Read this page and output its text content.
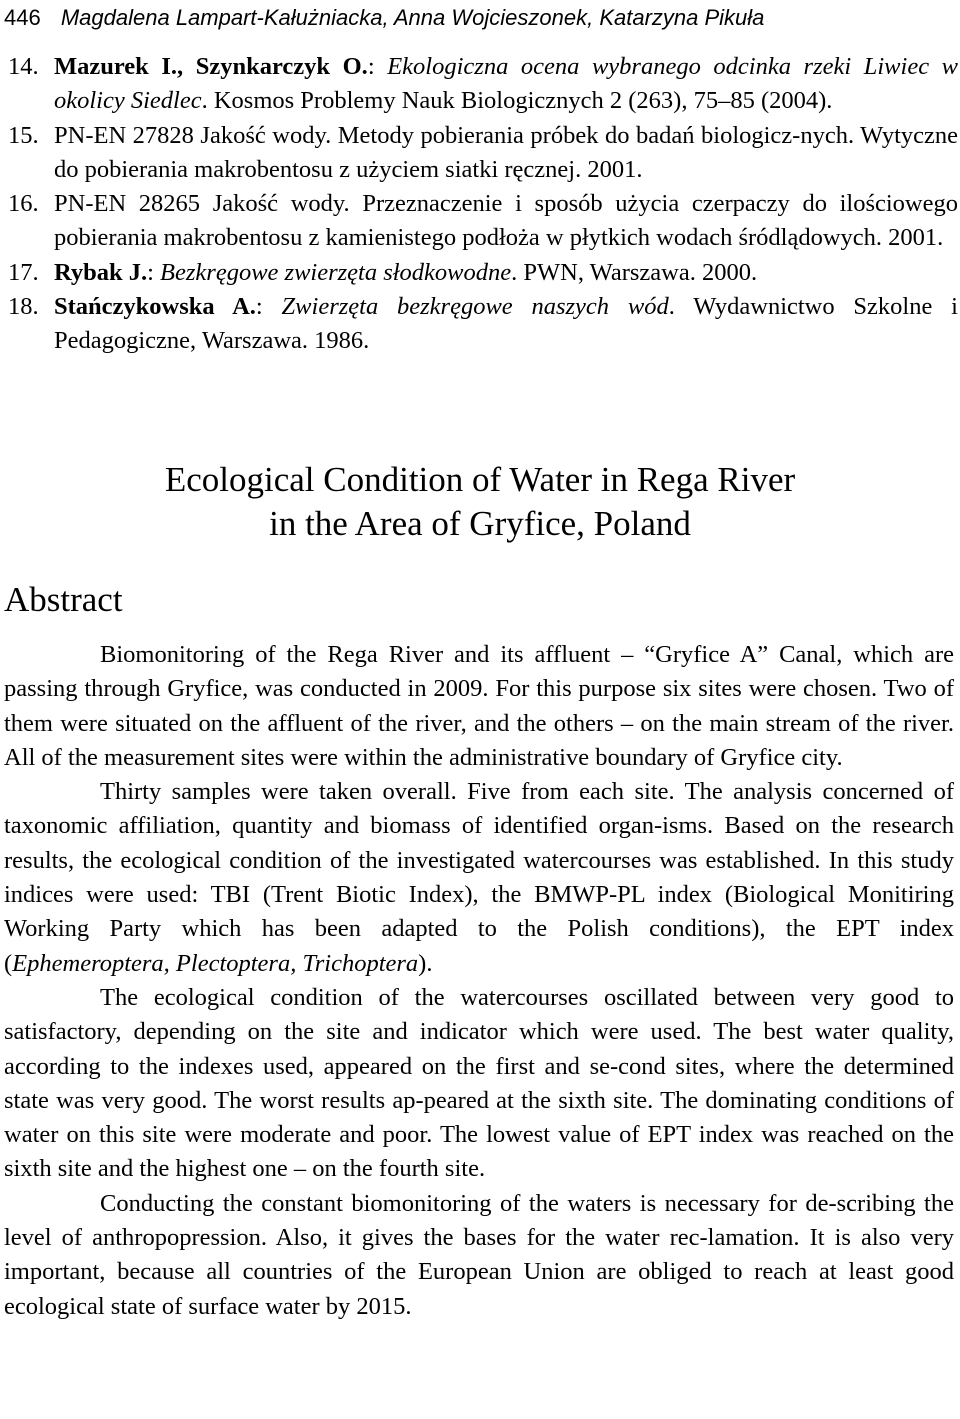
446 Magdalena Lampart-Kałużniacka, Anna Wojcieszonek, Katarzyna Pikuła
14. Mazurek I., Szynkarczyk O.: Ekologiczna ocena wybranego odcinka rzeki Liwiec w okolicy Siedlec. Kosmos Problemy Nauk Biologicznych 2 (263), 75–85 (2004).
15. PN-EN 27828 Jakość wody. Metody pobierania próbek do badań biologicz-nych. Wytyczne do pobierania makrobentosu z użyciem siatki ręcznej. 2001.
16. PN-EN 28265 Jakość wody. Przeznaczenie i sposób użycia czerpaczy do ilościowego pobierania makrobentosu z kamienistego podłoża w płytkich wodach śródlądowych. 2001.
17. Rybak J.: Bezkręgowe zwierzęta słodkowodne. PWN, Warszawa. 2000.
18. Stańczykowska A.: Zwierzęta bezkręgowe naszych wód. Wydawnictwo Szkolne i Pedagogiczne, Warszawa. 1986.
Ecological Condition of Water in Rega River
in the Area of Gryfice, Poland
Abstract

Biomonitoring of the Rega River and its affluent – “Gryfice A” Canal, which are passing through Gryfice, was conducted in 2009. For this purpose six sites were chosen. Two of them were situated on the affluent of the river, and the others – on the main stream of the river. All of the measurement sites were within the administrative boundary of Gryfice city.

Thirty samples were taken overall. Five from each site. The analysis concerned of taxonomic affiliation, quantity and biomass of identified organ-isms. Based on the research results, the ecological condition of the investigated watercourses was established. In this study indices were used: TBI (Trent Biotic Index), the BMWP-PL index (Biological Monitiring Working Party which has been adapted to the Polish conditions), the EPT index (Ephemeroptera, Plectoptera, Trichoptera).

The ecological condition of the watercourses oscillated between very good to satisfactory, depending on the site and indicator which were used. The best water quality, according to the indexes used, appeared on the first and se-cond sites, where the determined state was very good. The worst results ap-peared at the sixth site. The dominating conditions of water on this site were moderate and poor. The lowest value of EPT index was reached on the sixth site and the highest one – on the fourth site.

Conducting the constant biomonitoring of the waters is necessary for de-scribing the level of anthropopression. Also, it gives the bases for the water rec-lamation. It is also very important, because all countries of the European Union are obliged to reach at least good ecological state of surface water by 2015.
